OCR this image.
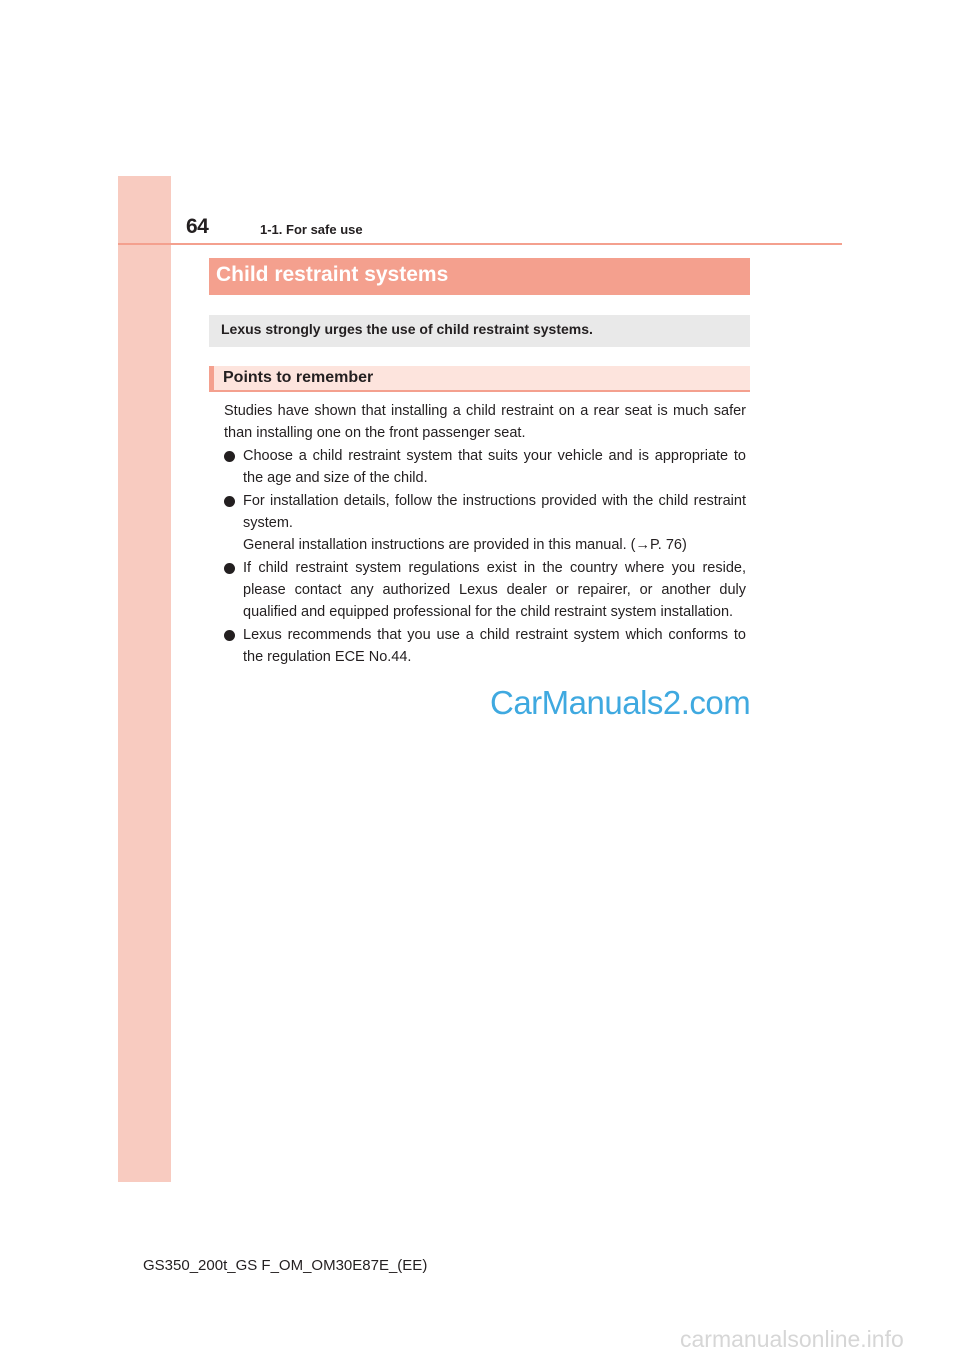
64	1-1. For safe use
Child restraint systems
Lexus strongly urges the use of child restraint systems.
Points to remember

Studies have shown that installing a child restraint on a rear seat is much safer than installing one on the front passenger seat.

Choose a child restraint system that suits your vehicle and is appropriate to the age and size of the child.
For installation details, follow the instructions provided with the child restraint system.
General installation instructions are provided in this manual. (→P. 76)
If child restraint system regulations exist in the country where you reside, please contact any authorized Lexus dealer or repairer, or another duly qualified and equipped professional for the child restraint system installation.
Lexus recommends that you use a child restraint system which conforms to the regulation ECE No.44.
CarManuals2.com
GS350_200t_GS F_OM_OM30E87E_(EE)
carmanualsonline.info
